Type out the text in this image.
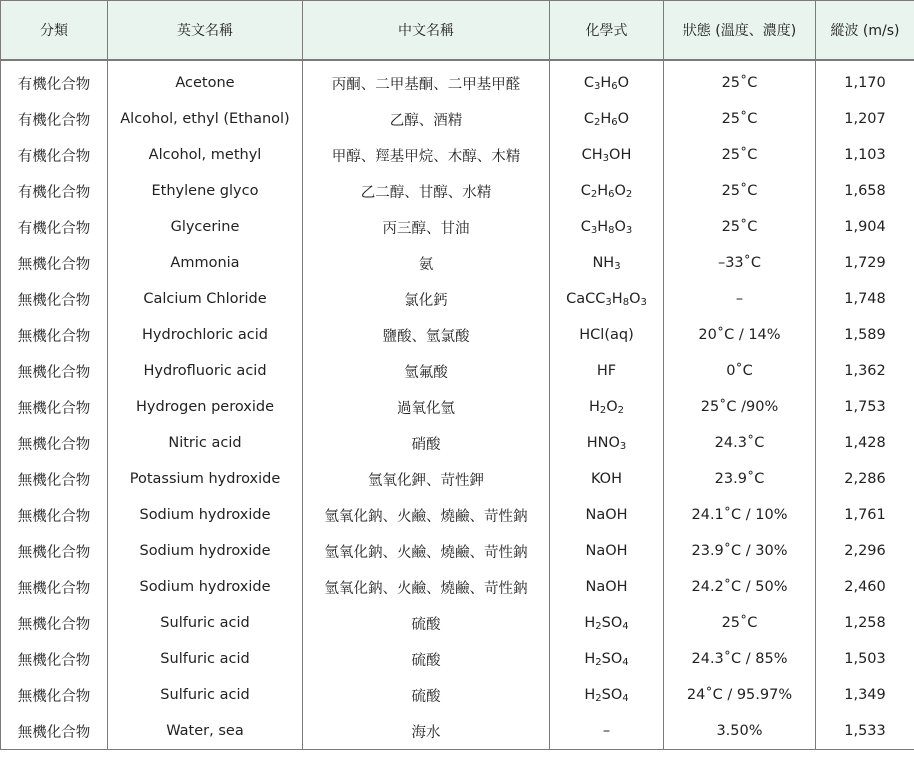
分類	英文名稱	中文名稱	化學式	狀態 (溫度、濃度)	縱波 (m/s)

有機化合物	Acetone	丙酮、二甲基酮、二甲基甲醛	$C_3H_6O$	25˚C	1,170
有機化合物	Alcohol, ethyl (Ethanol)	乙醇、酒精	$C_2H_6O$	25˚C	1,207
有機化合物	Alcohol, methyl	甲醇、羥基甲烷、木醇、木精	$CH_3OH$	25˚C	1,103
有機化合物	Ethylene glyco	乙二醇、甘醇、水精	$C_2H_6O_2$	25˚C	1,658
有機化合物	Glycerine	丙三醇、甘油	$C_3H_8O_3$	25˚C	1,904
無機化合物	Ammonia	氨	$NH_3$	–33˚C	1,729
無機化合物	Calcium Chloride	氯化鈣	$CaCC_3H_8O_3$	–	1,748
無機化合物	Hydrochloric acid	鹽酸、氫氯酸	HCl(aq)	20˚C / 14%	1,589
無機化合物	Hydrofluoric acid	氫氟酸	HF	0˚C	1,362
無機化合物	Hydrogen peroxide	過氧化氫	$H_2O_2$	25˚C /90%	1,753
無機化合物	Nitric acid	硝酸	$HNO_3$	24.3˚C	1,428
無機化合物	Potassium hydroxide	氫氧化鉀、苛性鉀	KOH	23.9˚C	2,286
無機化合物	Sodium hydroxide	氫氧化鈉、火鹼、燒鹼、苛性鈉	NaOH	24.1˚C / 10%	1,761
無機化合物	Sodium hydroxide	氫氧化鈉、火鹼、燒鹼、苛性鈉	NaOH	23.9˚C / 30%	2,296
無機化合物	Sodium hydroxide	氫氧化鈉、火鹼、燒鹼、苛性鈉	NaOH	24.2˚C / 50%	2,460
無機化合物	Sulfuric acid	硫酸	$H_2SO_4$	25˚C	1,258
無機化合物	Sulfuric acid	硫酸	$H_2SO_4$	24.3˚C / 85%	1,503
無機化合物	Sulfuric acid	硫酸	$H_2SO_4$	24˚C / 95.97%	1,349
無機化合物	Water, sea	海水	–	3.50%	1,533
